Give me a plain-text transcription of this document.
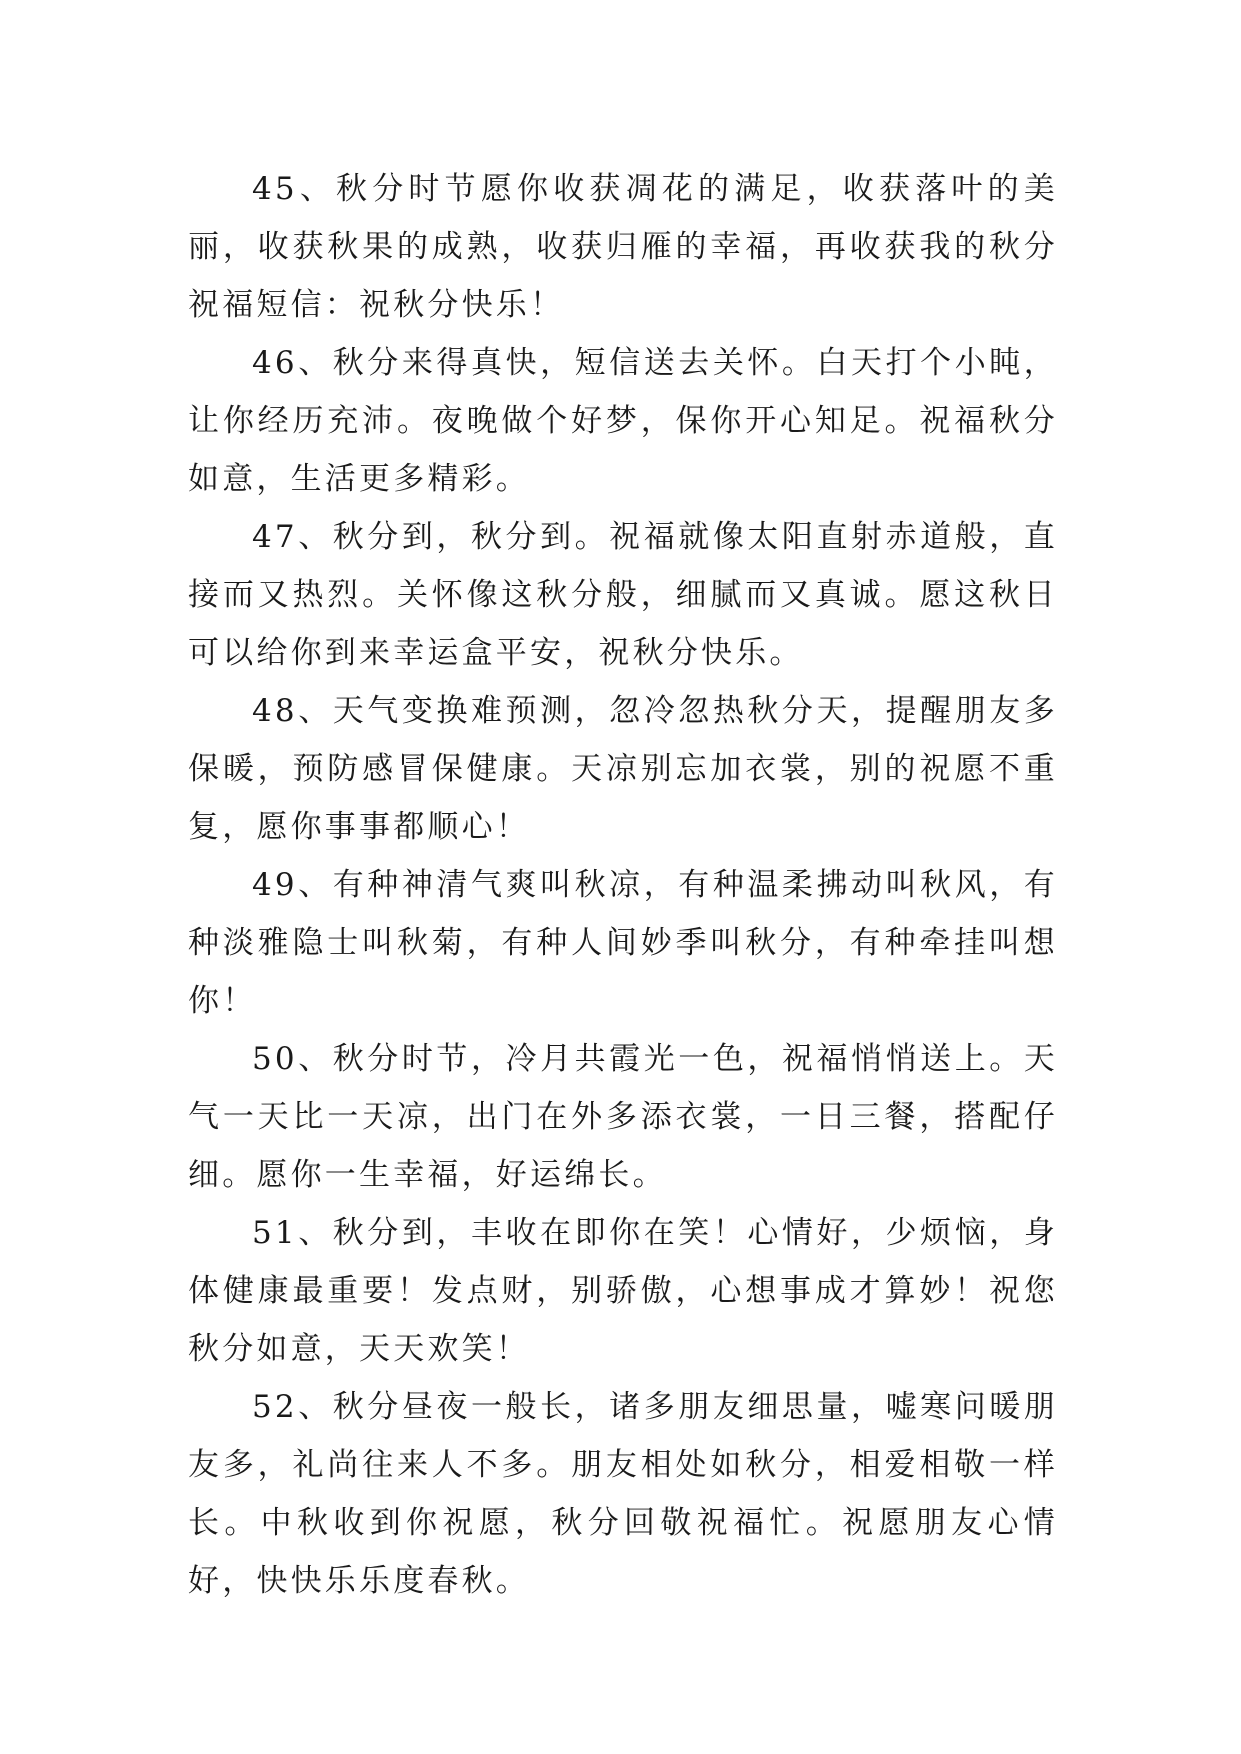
45、秋分时节愿你收获凋花的满足，收获落叶的美丽，收获秋果的成熟，收获归雁的幸福，再收获我的秋分祝福短信：祝秋分快乐！

46、秋分来得真快，短信送去关怀。白天打个小盹，让你经历充沛。夜晚做个好梦，保你开心知足。祝福秋分如意，生活更多精彩。

47、秋分到，秋分到。祝福就像太阳直射赤道般，直接而又热烈。关怀像这秋分般，细腻而又真诚。愿这秋日可以给你到来幸运盒平安，祝秋分快乐。

48、天气变换难预测，忽冷忽热秋分天，提醒朋友多保暖，预防感冒保健康。天凉别忘加衣裳，别的祝愿不重复，愿你事事都顺心！

49、有种神清气爽叫秋凉，有种温柔拂动叫秋风，有种淡雅隐士叫秋菊，有种人间妙季叫秋分，有种牵挂叫想你！

50、秋分时节，冷月共霞光一色，祝福悄悄送上。天气一天比一天凉，出门在外多添衣裳，一日三餐，搭配仔细。愿你一生幸福，好运绵长。

51、秋分到，丰收在即你在笑！心情好，少烦恼，身体健康最重要！发点财，别骄傲，心想事成才算妙！祝您秋分如意，天天欢笑！

52、秋分昼夜一般长，诸多朋友细思量，嘘寒问暖朋友多，礼尚往来人不多。朋友相处如秋分，相爱相敬一样长。中秋收到你祝愿，秋分回敬祝福忙。祝愿朋友心情好，快快乐乐度春秋。
